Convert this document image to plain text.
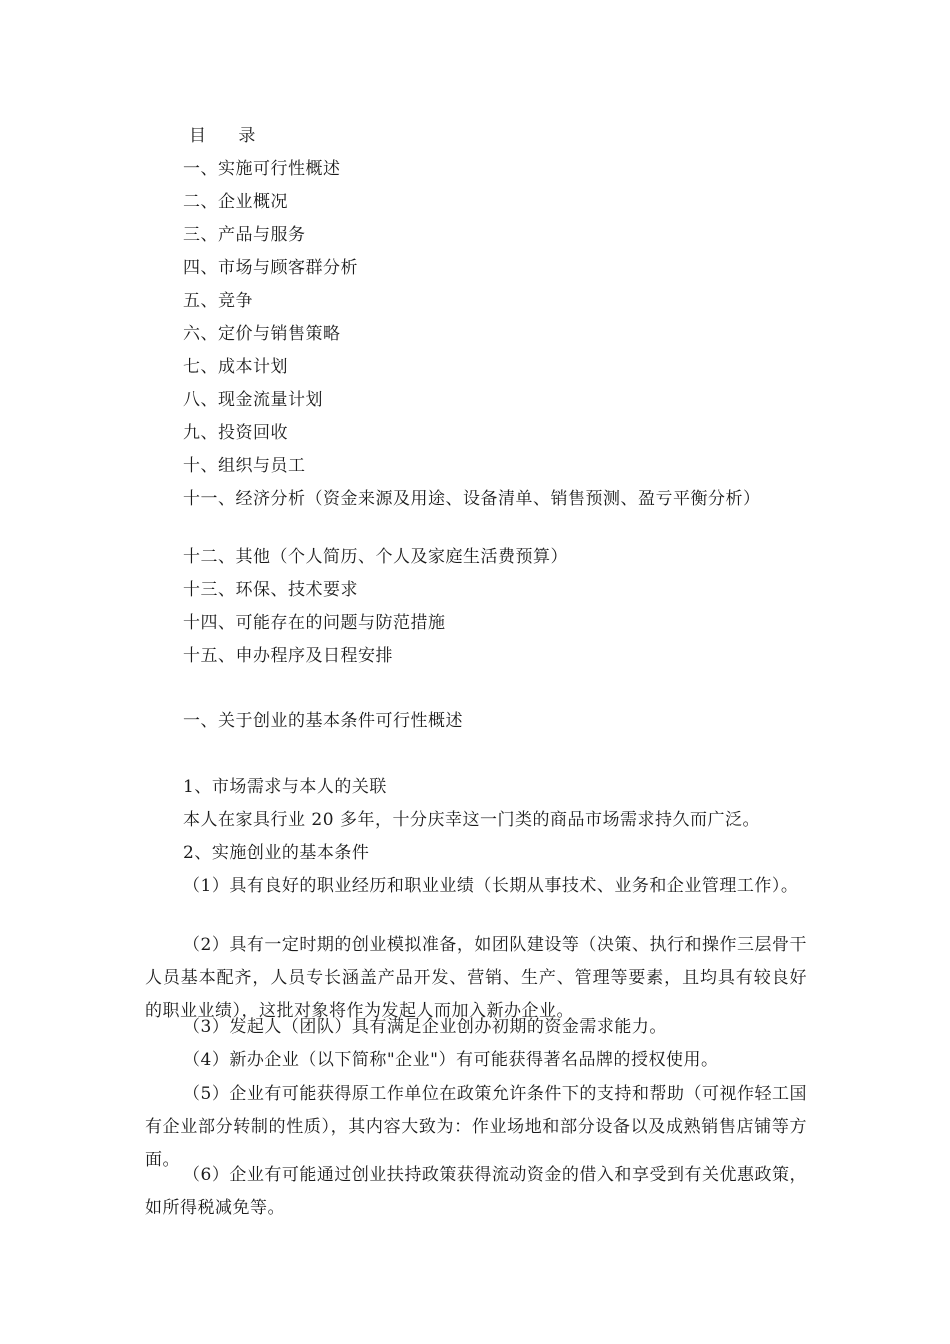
目      录
一、实施可行性概述
二、企业概况
三、产品与服务
四、市场与顾客群分析
五、竞争
六、定价与销售策略
七、成本计划
八、现金流量计划
九、投资回收
十、组织与员工
十一、经济分析（资金来源及用途、设备清单、销售预测、盈亏平衡分析）
十二、其他（个人简历、个人及家庭生活费预算）
十三、环保、技术要求
十四、可能存在的问题与防范措施
十五、申办程序及日程安排
一、关于创业的基本条件可行性概述
1、市场需求与本人的关联
本人在家具行业 20 多年，十分庆幸这一门类的商品市场需求持久而广泛。
2、实施创业的基本条件
（1）具有良好的职业经历和职业业绩（长期从事技术、业务和企业管理工作）。
（2）具有一定时期的创业模拟准备，如团队建设等（决策、执行和操作三层骨干人员基本配齐，人员专长涵盖产品开发、营销、生产、管理等要素，且均具有较良好的职业业绩），这批对象将作为发起人而加入新办企业。
（3）发起人（团队）具有满足企业创办初期的资金需求能力。
（4）新办企业（以下简称"企业"）有可能获得著名品牌的授权使用。
（5）企业有可能获得原工作单位在政策允许条件下的支持和帮助（可视作轻工国有企业部分转制的性质），其内容大致为：作业场地和部分设备以及成熟销售店铺等方面。
（6）企业有可能通过创业扶持政策获得流动资金的借入和享受到有关优惠政策，如所得税减免等。
